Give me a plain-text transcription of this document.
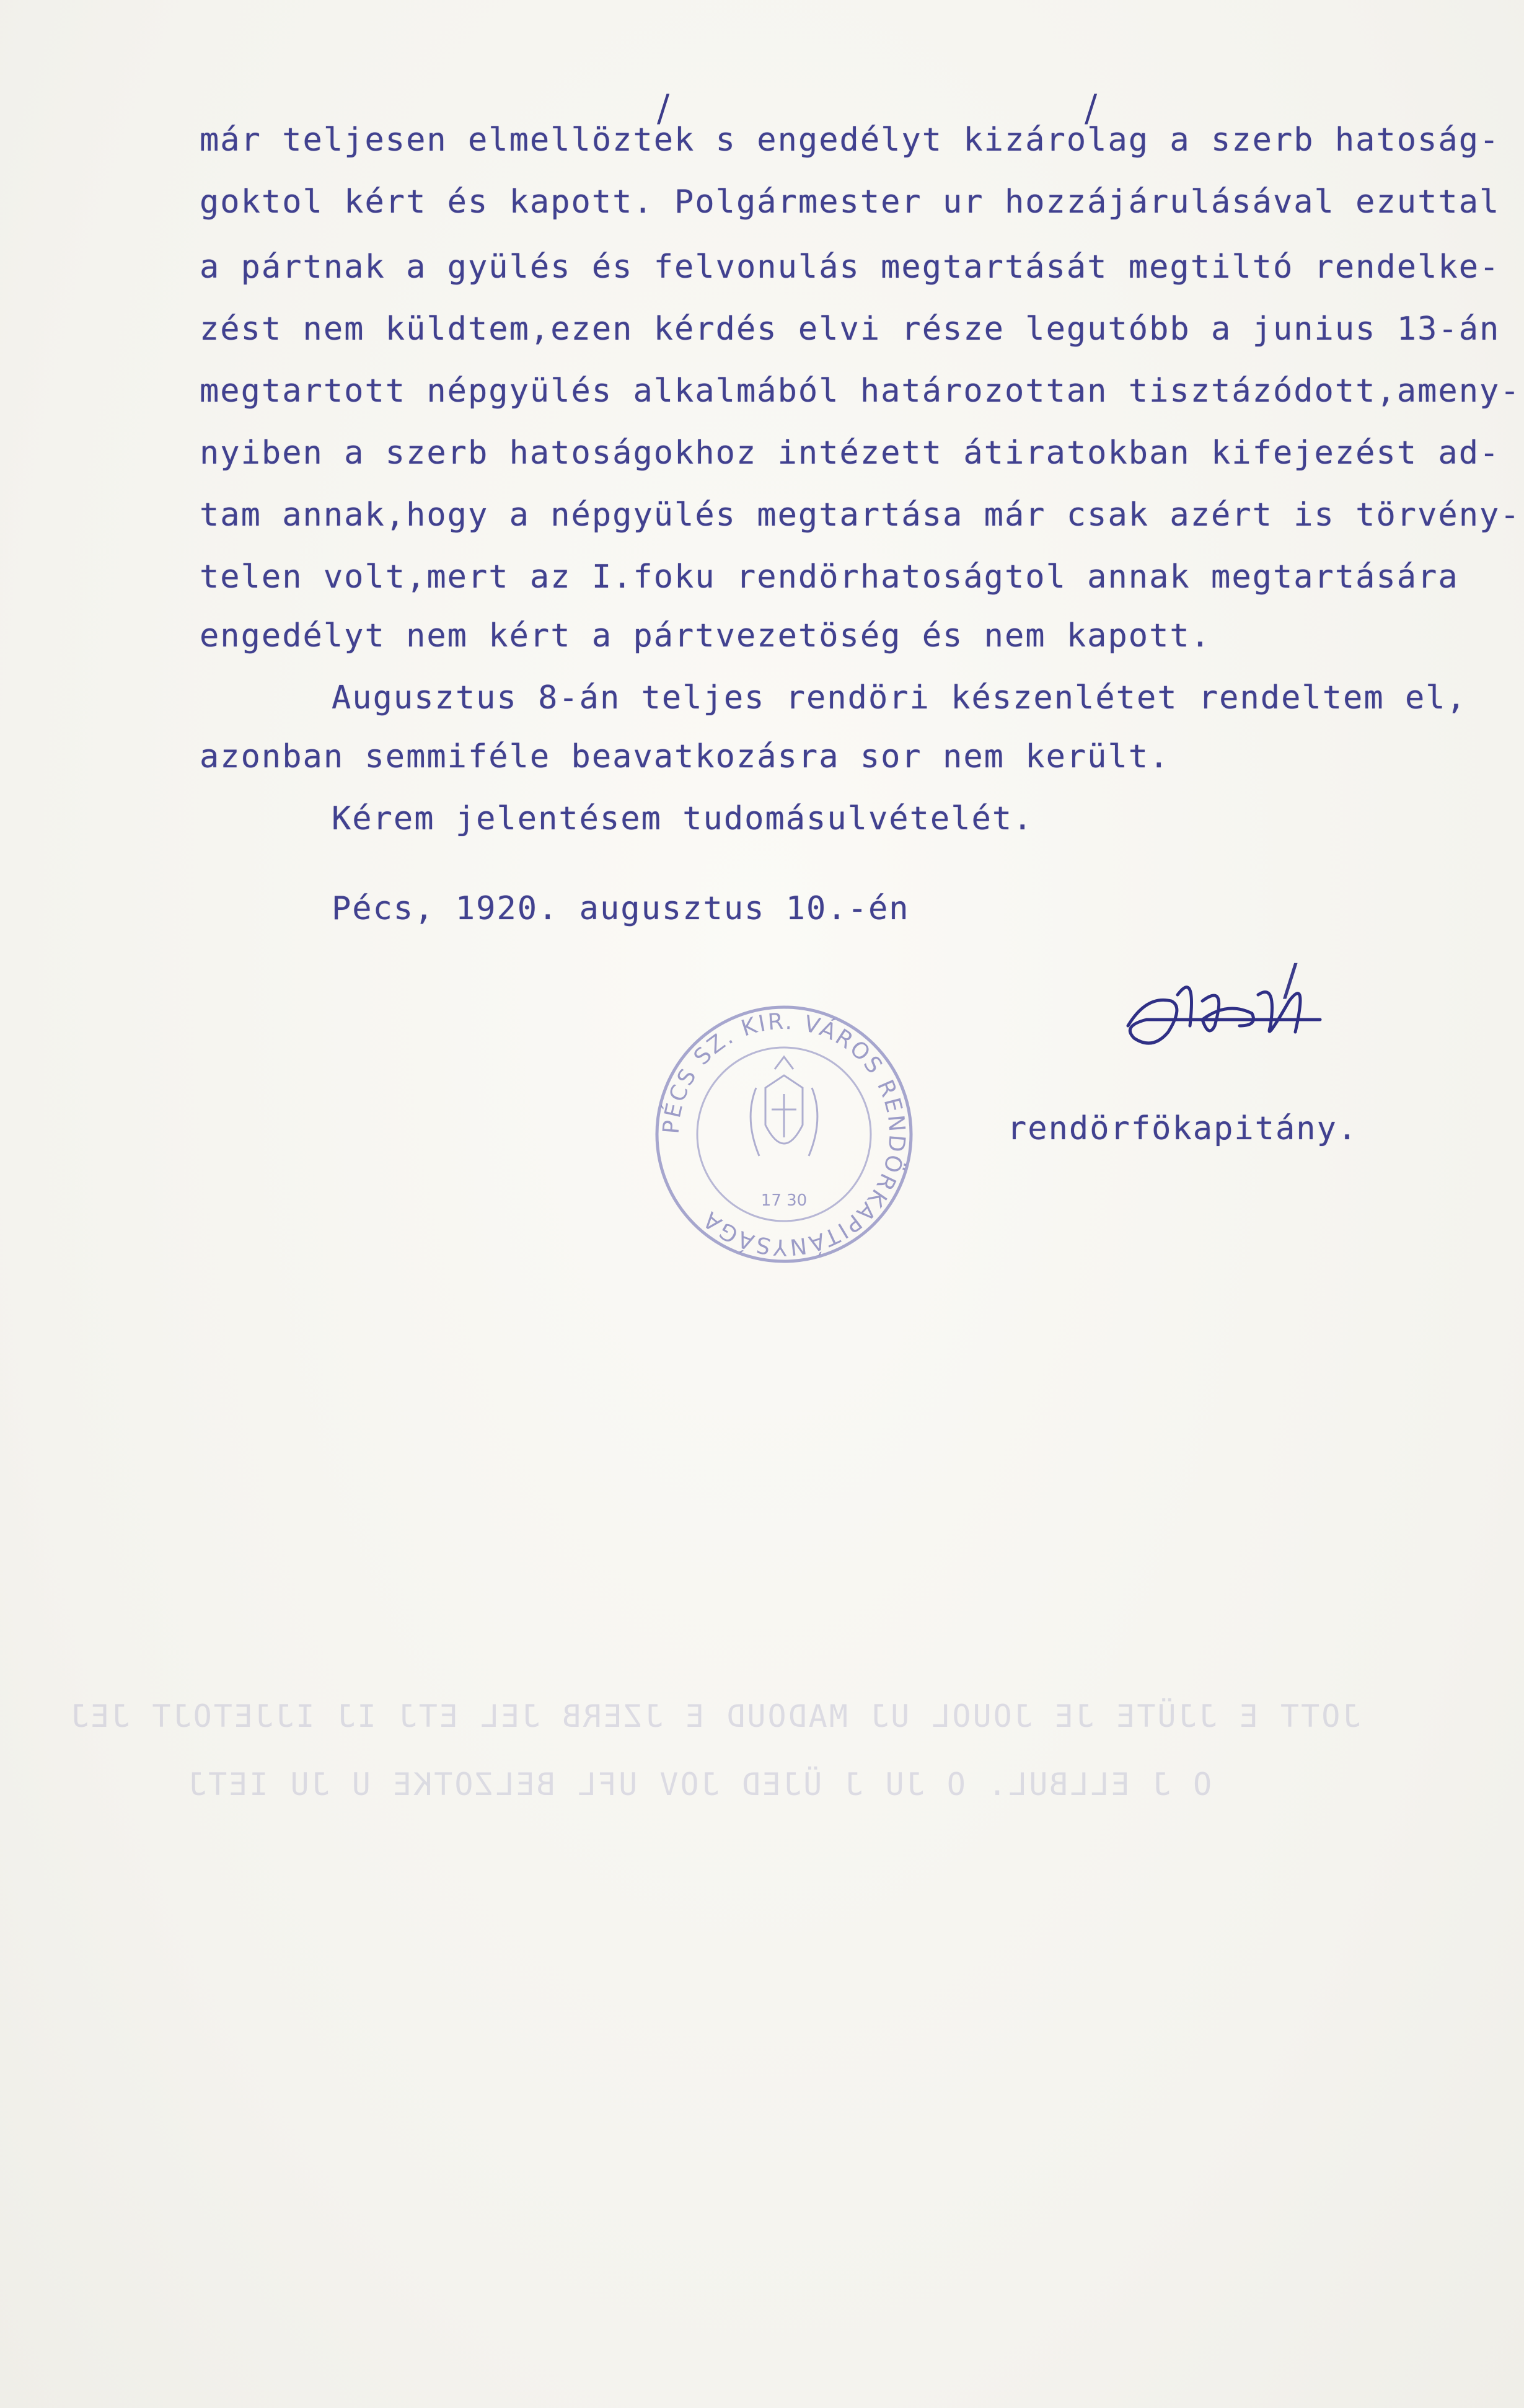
már teljesen elmellöztek s engedélyt kizárolag a szerb hatoság-
goktol kért és kapott. Polgármester ur hozzájárulásával ezuttal
a pártnak a gyülés és felvonulás megtartását megtiltó rendelke-
zést nem küldtem,ezen kérdés elvi része legutóbb a junius 13-án
megtartott népgyülés alkalmából határozottan tisztázódott,ameny-
nyiben a szerb hatoságokhoz intézett átiratokban kifejezést ad-
tam annak,hogy a népgyülés megtartása már csak azért is törvény-
telen volt,mert az I.foku rendörhatoságtol annak megtartására
engedélyt nem kért a pártvezetöség és nem kapott.
Augusztus 8-án teljes rendöri készenlétet rendeltem el,
azonban semmiféle beavatkozásra sor nem került.
Kérem jelentésem tudomásulvételét.
Pécs, 1920. augusztus 10.-én
/	/
/
PÉCS SZ. KIR. VÁROS RENDÖRKAPITÁNYSÁGA
17 30
rendörfökapitány.
JOTT E JJÜTE JE JOUOL UJ MADOUD E JZERB JEL ETJ IJ IJJETOJT JEJ
O J ELLBUL. O JU J ÜJED JOV UFL BELZOTKE U JU IETJ
